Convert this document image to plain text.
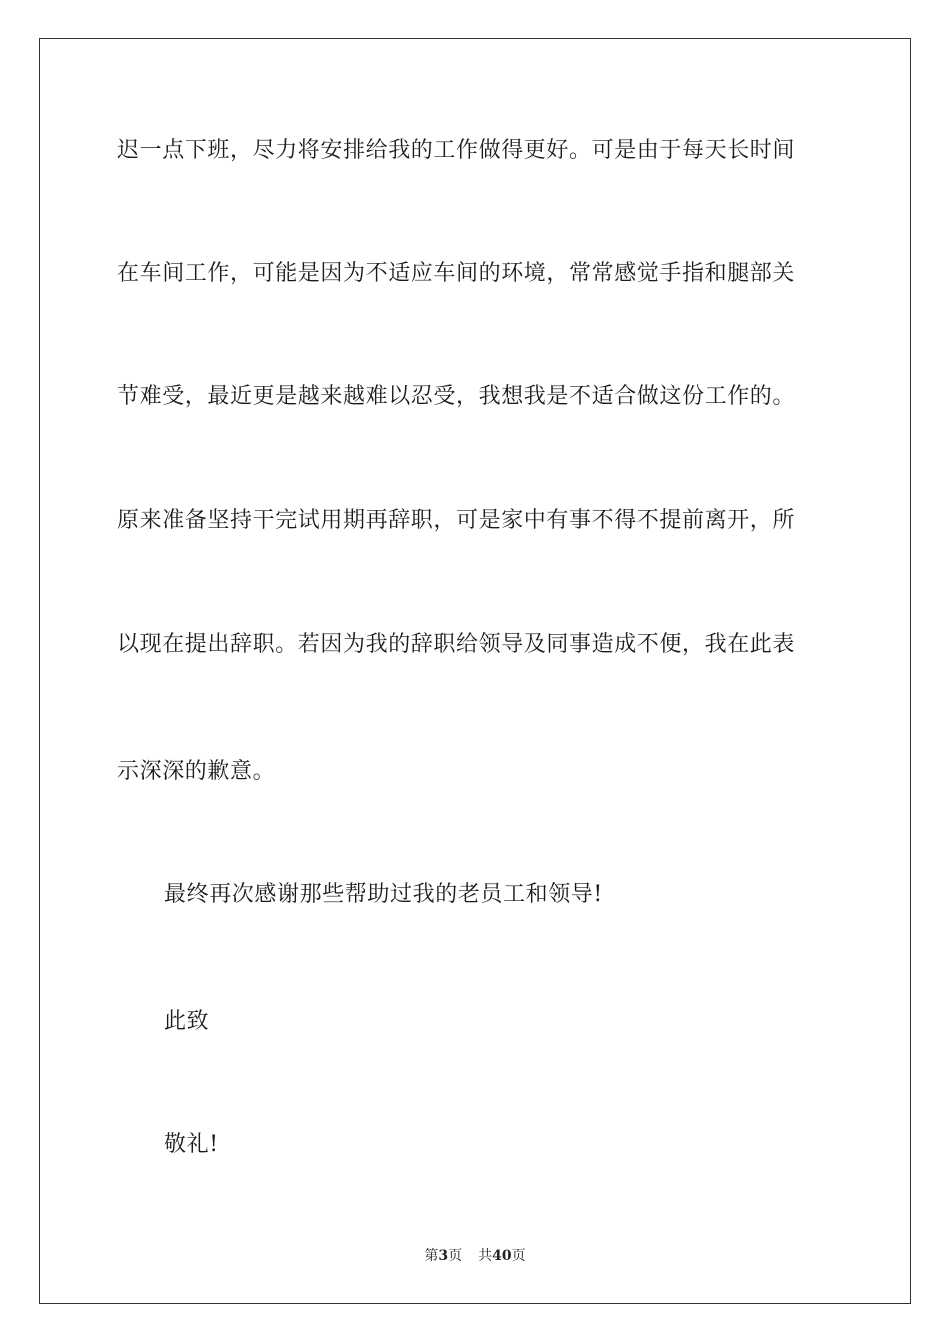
迟一点下班，尽力将安排给我的工作做得更好。可是由于每天长时间
在车间工作，可能是因为不适应车间的环境，常常感觉手指和腿部关
节难受，最近更是越来越难以忍受，我想我是不适合做这份工作的。
原来准备坚持干完试用期再辞职，可是家中有事不得不提前离开，所
以现在提出辞职。若因为我的辞职给领导及同事造成不便，我在此表
示深深的歉意。
最终再次感谢那些帮助过我的老员工和领导!
此致
敬礼!
第3页 共40页
